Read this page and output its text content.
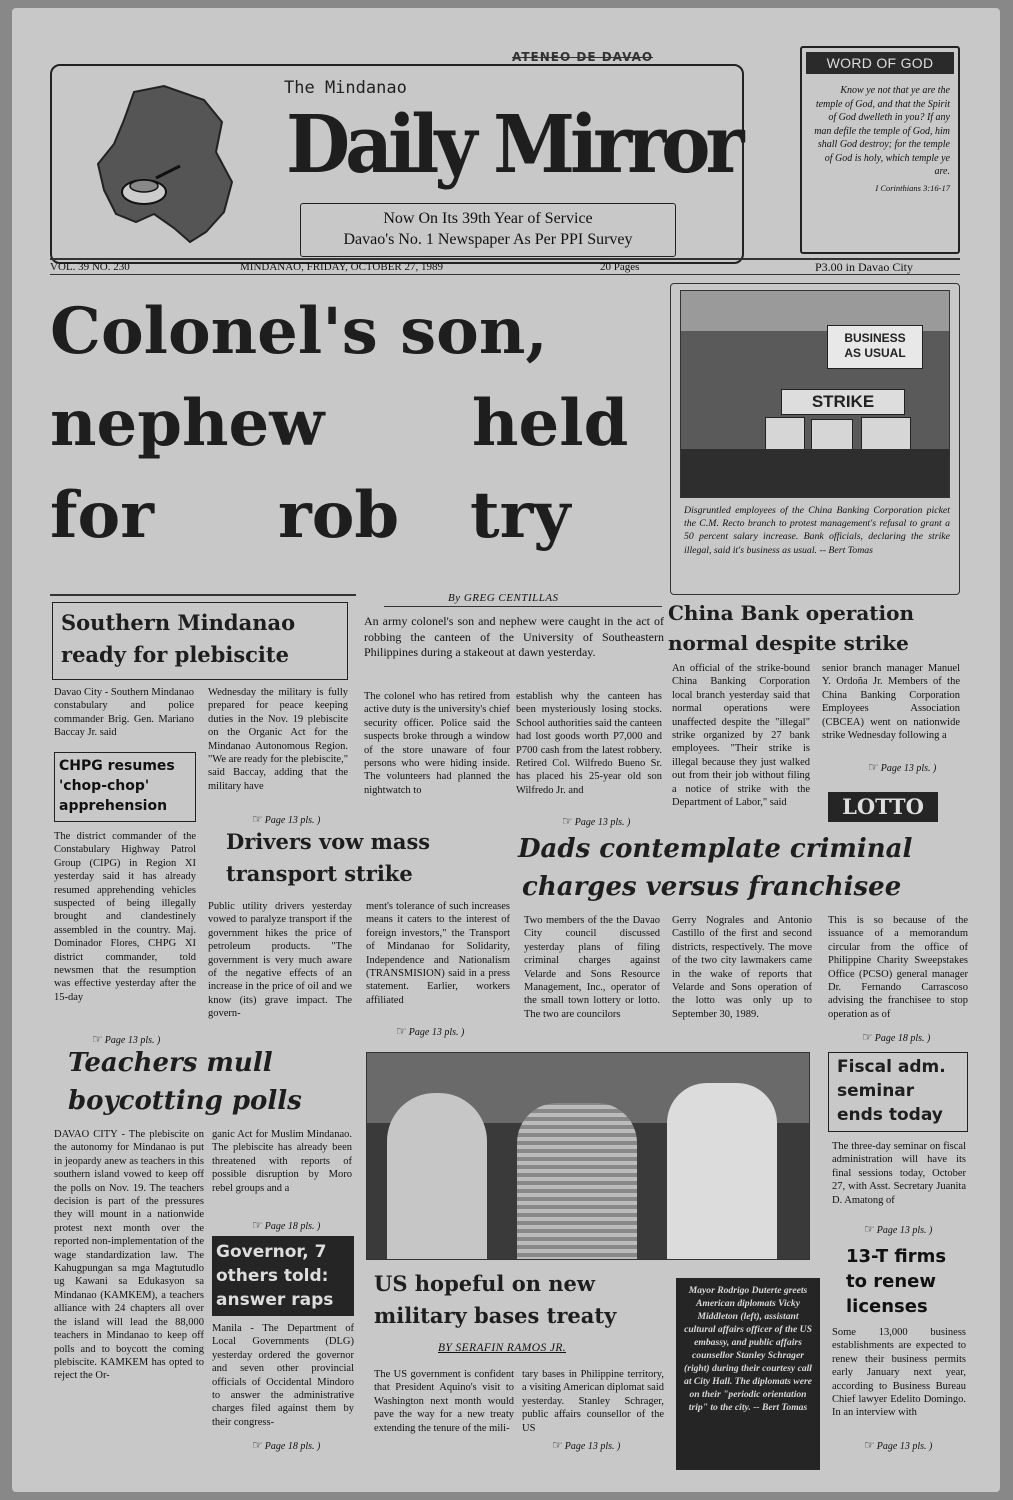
ATENEO DE DAVAO
The Mindanao
Daily Mirror
Now On Its 39th Year of Service
Davao's No. 1 Newspaper As Per PPI Survey
WORD OF GOD
Know ye not that ye are the temple of God, and that the Spirit of God dwelleth in you? If any man defile the temple of God, him shall God destroy; for the temple of God is holy, which temple ye are.
I Corinthians 3:16-17
VOL. 39 NO. 230	MINDANAO, FRIDAY, OCTOBER 27, 1989	20 Pages	P3.00 in Davao City
Colonel's son,
nephew held
for rob try
BUSINESS
AS USUAL
STRIKE
Disgruntled employees of the China Banking Corporation picket the C.M. Recto branch to protest management's refusal to grant a 50 percent salary increase. Bank officials, declaring the strike illegal, said it's business as usual. -- Bert Tomas
By GREG CENTILLAS
An army colonel's son and nephew were caught in the act of robbing the canteen of the University of Southeastern Philippines during a stakeout at dawn yesterday.
The colonel who has retired from active duty is the university's chief security officer. Police said the suspects broke through a window of the store unaware of four persons who were hiding inside. The volunteers had planned the nightwatch to
establish why the canteen has been mysteriously losing stocks. School authorities said the canteen had lost goods worth P7,000 and P700 cash from the latest robbery. Retired Col. Wilfredo Bueno Sr. has placed his 25-year old son Wilfredo Jr. and
☞ Page 13 pls. )
Southern Mindanao
ready for plebiscite
Davao City - Southern Mindanao constabulary and police commander Brig. Gen. Mariano Baccay Jr. said
Wednesday the military is fully prepared for peace keeping duties in the Nov. 19 plebiscite on the Organic Act for the Mindanao Autonomous Region. "We are ready for the plebiscite," said Baccay, adding that the military have
☞ Page 13 pls. )
CHPG resumes
'chop-chop'
apprehension
The district commander of the Constabulary Highway Patrol Group (CIPG) in Region XI yesterday said it has already resumed apprehending vehicles suspected of being illegally brought and clandestinely assembled in the country. Maj. Dominador Flores, CHPG XI district commander, told newsmen that the resumption was effective yesterday after the 15-day
☞ Page 13 pls. )
China Bank operation
normal despite strike
An official of the strike-bound China Banking Corporation local branch yesterday said that normal operations were unaffected despite the "illegal" strike organized by 27 bank employees. "Their strike is illegal because they just walked out from their job without filing a notice of strike with the Department of Labor," said
senior branch manager Manuel Y. Ordoña Jr. Members of the China Banking Corporation Employees Association (CBCEA) went on nationwide strike Wednesday following a
☞ Page 13 pls. )
LOTTO
Drivers vow mass
transport strike
Public utility drivers yesterday vowed to paralyze transport if the government hikes the price of petroleum products. "The government is very much aware of the negative effects of an increase in the price of oil and we know (its) grave impact. The govern-
ment's tolerance of such increases means it caters to the interest of foreign investors," the Transport of Mindanao for Solidarity, Independence and Nationalism (TRANSMISION) said in a press statement. Earlier, workers affiliated
☞ Page 13 pls. )
Dads contemplate criminal
charges versus franchisee
Two members of the the Davao City council discussed yesterday plans of filing criminal charges against Velarde and Sons Resource Management, Inc., operator of the small town lottery or lotto. The two are councilors
Gerry Nograles and Antonio Castillo of the first and second districts, respectively. The move of the two city lawmakers came in the wake of reports that Velarde and Sons operation of the lotto was only up to September 30, 1989.
This is so because of the issuance of a memorandum circular from the office of Philippine Charity Sweepstakes Office (PCSO) general manager Dr. Fernando Carrascoso advising the franchisee to stop operation as of
☞ Page 18 pls. )
Teachers mull
boycotting polls
DAVAO CITY - The plebiscite on the autonomy for Mindanao is put in jeopardy anew as teachers in this southern island vowed to keep off the polls on Nov. 19. The teachers decision is part of the pressures they will mount in a nationwide protest next month over the reported non-implementation of the wage standardization law. The Kahugpungan sa mga Magtutudlo ug Kawani sa Edukasyon sa Mindanao (KAMKEM), a teachers alliance with 24 chapters all over the island will lead the 88,000 teachers in Mindanao to keep off polls and to boycott the coming plebiscite. KAMKEM has opted to reject the Or-
ganic Act for Muslim Mindanao. The plebiscite has already been threatened with reports of possible disruption by Moro rebel groups and a
☞ Page 18 pls. )
Governor, 7
others told:
answer raps
Manila - The Department of Local Governments (DLG) yesterday ordered the governor and seven other provincial officials of Occidental Mindoro to answer the administrative charges filed against them by their congress-
☞ Page 18 pls. )
US hopeful on new
military bases treaty
BY SERAFIN RAMOS JR.
The US government is confident that President Aquino's visit to Washington next month would pave the way for a new treaty extending the tenure of the mili-
tary bases in Philippine territory, a visiting American diplomat said yesterday. Stanley Schrager, public affairs counsellor of the US
☞ Page 13 pls. )
Mayor Rodrigo Duterte greets American diplomats Vicky Middleton (left), assistant cultural affairs officer of the US embassy, and public affairs counsellor Stanley Schrager (right) during their courtesy call at City Hall. The diplomats were on their "periodic orientation trip" to the city. -- Bert Tomas
Fiscal adm.
seminar
ends today
The three-day seminar on fiscal administration will have its final sessions today, October 27, with Asst. Secretary Juanita D. Amatong of
☞ Page 13 pls. )
13-T firms
to renew
licenses
Some 13,000 business establishments are expected to renew their business permits early January next year, according to Business Bureau Chief lawyer Edelito Domingo. In an interview with
☞ Page 13 pls. )
